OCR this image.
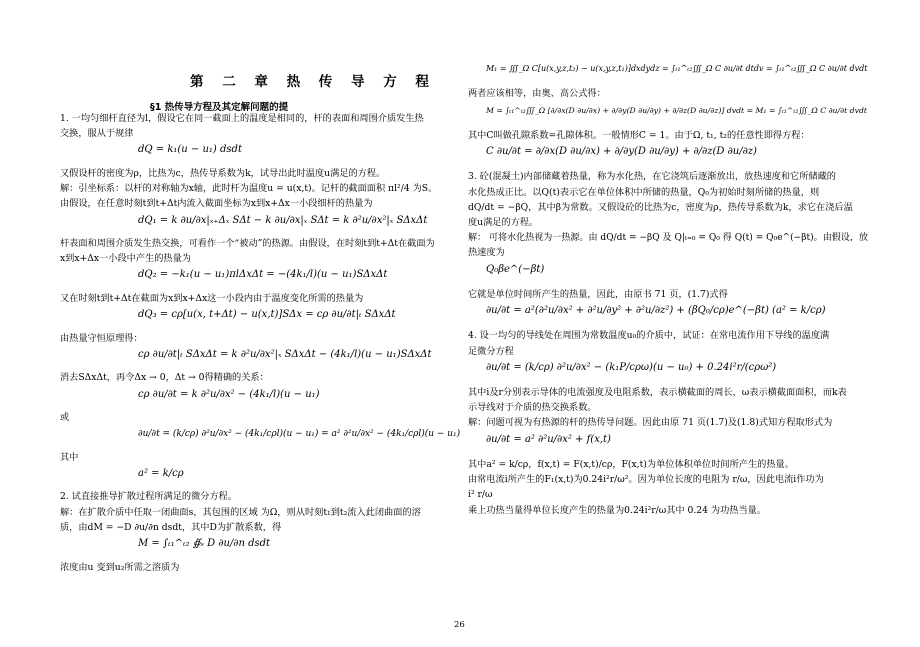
第 二 章 热 传 导 方 程
§1 热传导方程及其定解问题的提
1. 一均匀细杆直径为l，假设它在同一截面上的温度是相同的，杆的表面和周围介质发生热
交换，服从于规律
dQ = k₁(u − u₁) dsdt
又假设杆的密度为ρ，比热为c，热传导系数为k，试导出此时温度u满足的方程。
解：引坐标系：以杆的对称轴为x轴，此时杆为温度u = u(x,t)。记杆的截面面积 πl²/4 为S。
由假设，在任意时刻t到t+Δt内流入截面坐标为x到x+Δx一小段细杆的热量为
dQ₁ = k ∂u/∂x|ₓ₊Δₓ SΔt − k ∂u/∂x|ₓ SΔt = k ∂²u/∂x²|ₓ SΔxΔt
杆表面和周围介质发生热交换，可看作一个“被动”的热源。由假设，在时刻t到t+Δt在截面为
x到x+Δx一小段中产生的热量为
dQ₂ = −k₁(u − u₁)πlΔxΔt = −(4k₁/l)(u − u₁)SΔxΔt
又在时刻t到t+Δt在截面为x到x+Δx这一小段内由于温度变化所需的热量为
dQ₃ = cρ[u(x, t+Δt) − u(x,t)]SΔx = cρ ∂u/∂t|ₜ SΔxΔt
由热量守恒原理得：
cρ ∂u/∂t|ₜ SΔxΔt = k ∂²u/∂x²|ₓ SΔxΔt − (4k₁/l)(u − u₁)SΔxΔt
消去SΔxΔt，再令Δx → 0，Δt → 0得精确的关系：
cρ ∂u/∂t = k ∂²u/∂x² − (4k₁/l)(u − u₁)
或
∂u/∂t = (k/cρ) ∂²u/∂x² − (4k₁/cρl)(u − u₁) = a² ∂²u/∂x² − (4k₁/cρl)(u − u₁)
其中
a² = k/cρ
2. 试直接推导扩散过程所满足的微分方程。
解：在扩散介质中任取一闭曲面s，其包围的区域 为Ω，则从时刻t₁到t₂流入此闭曲面的溶
质，由dM = −D ∂u/∂n dsdt，其中D为扩散系数，得
M = ∫ₜ₁^ₜ₂ ∯ₛ D ∂u/∂n dsdt
浓度由u 变到u₂所需之溶质为
M₁ = ∭_Ω C[u(x,y,z,t₂) − u(x,y,z,t₁)]dxdydz = ∫ₜ₁^ₜ₂∭_Ω C ∂u/∂t dtdv = ∫ₜ₁^ₜ₂∭_Ω C ∂u/∂t dvdt
两者应该相等，由奥、高公式得：
M = ∫ₜ₁^ₜ₂∭_Ω [∂/∂x(D ∂u/∂x) + ∂/∂y(D ∂u/∂y) + ∂/∂z(D ∂u/∂z)] dvdt = M₁ = ∫ₜ₁^ₜ₂∭_Ω C ∂u/∂t dvdt
其中C叫做孔隙系数=孔隙体积。一般情形C = 1。由于Ω, t₁, t₂的任意性即得方程：
C ∂u/∂t = ∂/∂x(D ∂u/∂x) + ∂/∂y(D ∂u/∂y) + ∂/∂z(D ∂u/∂z)
3. 砼(混凝土)内部储藏着热量，称为水化热，在它浇筑后逐渐放出，放热速度和它所储藏的
水化热成正比。以Q(t)表示它在单位体积中所储的热量，Q₀为初始时刻所储的热量，则
dQ/dt = −βQ，其中β为常数。又假设砼的比热为c，密度为ρ，热传导系数为k，求它在浇后温
度u满足的方程。
解： 可将水化热视为一热源。由 dQ/dt = −βQ 及 Q|ₜ₌₀ = Q₀ 得 Q(t) = Q₀e^(−βt)。由假设，放
热速度为
Q₀βe^(−βt)
它就是单位时间所产生的热量，因此，由原书 71 页，(1.7)式得
∂u/∂t = a²(∂²u/∂x² + ∂²u/∂y² + ∂²u/∂z²) + (βQ₀/cρ)e^(−βt) (a² = k/cρ)
4. 设一均匀的导线处在周围为常数温度u₀的介质中，试证：在常电流作用下导线的温度满
足微分方程
∂u/∂t = (k/cρ) ∂²u/∂x² − (k₁P/cρω)(u − u₀) + 0.24i²r/(cρω²)
其中i及r分别表示导体的电流强度及电阻系数，表示横截面的周长，ω表示横截面面积，而k表
示导线对于介质的热交换系数。
解：问题可视为有热源的杆的热传导问题。因此由原 71 页(1.7)及(1.8)式知方程取形式为
∂u/∂t = a² ∂²u/∂x² + f(x,t)
其中a² = k/cρ，f(x,t) = F(x,t)/cρ，F(x,t)为单位体积单位时间所产生的热量。
由常电流i所产生的F₁(x,t)为0.24i²r/ω²。因为单位长度的电阻为 r/ω，因此电流i作功为
i² r/ω
乘上功热当量得单位长度产生的热量为0.24i²r/ω其中 0.24 为功热当量。
26
